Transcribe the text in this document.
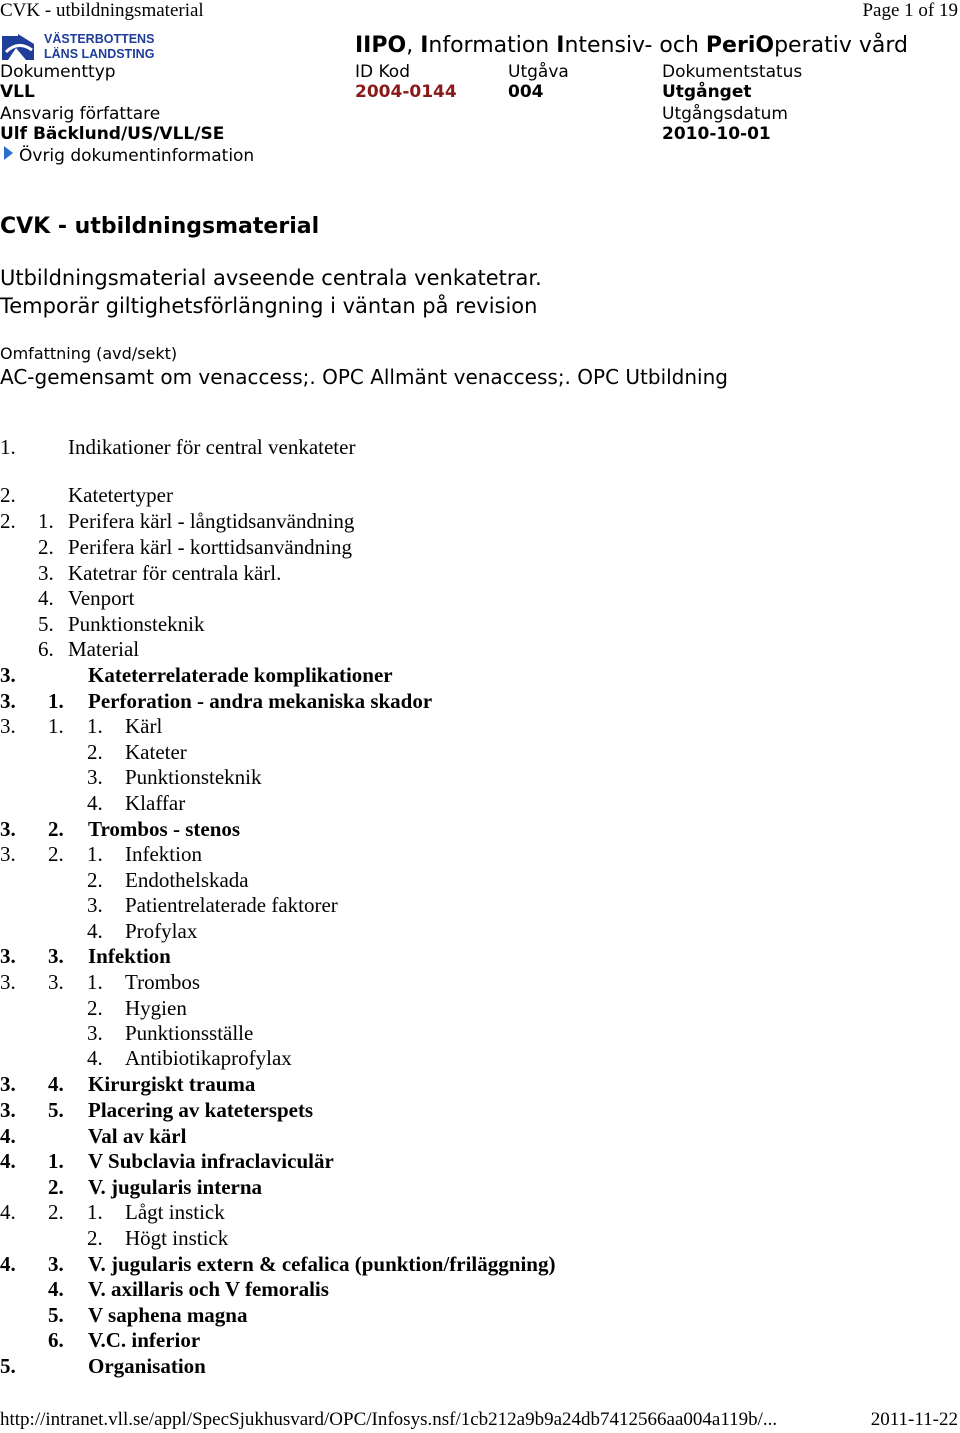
CVK - utbildningsmaterial	Page 1 of 19
VÄSTERBOTTENS
LÄNS LANDSTING	IIPO, Information Intensiv- och PeriOperativ vård
Dokumenttyp	ID Kod	Utgåva	Dokumentstatus
VLL	2004-0144	004	Utgånget
Ansvarig författare	Utgångsdatum
Ulf Bäcklund/US/VLL/SE	2010-10-01
Övrig dokumentinformation
CVK - utbildningsmaterial
Utbildningsmaterial avseende centrala venkatetrar.
Temporär giltighetsförlängning i väntan på revision
Omfattning (avd/sekt)
AC-gemensamt om venaccess;. OPC Allmänt venaccess;. OPC Utbildning
1. Indikationer för central venkateter
2. Katetertyper
2. 1. Perifera kärl - långtidsanvändning
2. Perifera kärl - korttidsanvändning
3. Katetrar för centrala kärl.
4. Venport
5. Punktionsteknik
6. Material
3.	Kateterrelaterade komplikationer
3. 1. Perforation - andra mekaniska skador
3. 1. 1. Kärl
2. Kateter
3. Punktionsteknik
4. Klaffar
3. 2. Trombos - stenos
3. 2. 1. Infektion
2. Endothelskada
3. Patientrelaterade faktorer
4. Profylax
3. 3. Infektion
3. 3. 1. Trombos
2. Hygien
3. Punktionsställe
4. Antibiotikaprofylax
3. 4. Kirurgiskt trauma
3. 5. Placering av kateterspets
4.	Val av kärl
4. 1. V Subclavia infraclaviculär
2. V. jugularis interna
4. 2. 1. Lågt instick
2. Högt instick
4. 3. V. jugularis extern & cefalica (punktion/friläggning)
4. V. axillaris och V femoralis
5. V saphena magna
6. V.C. inferior
5.	Organisation
http://intranet.vll.se/appl/SpecSjukhusvard/OPC/Infosys.nsf/1cb212a9b9a24db7412566aa004a119b/...	2011-11-22
